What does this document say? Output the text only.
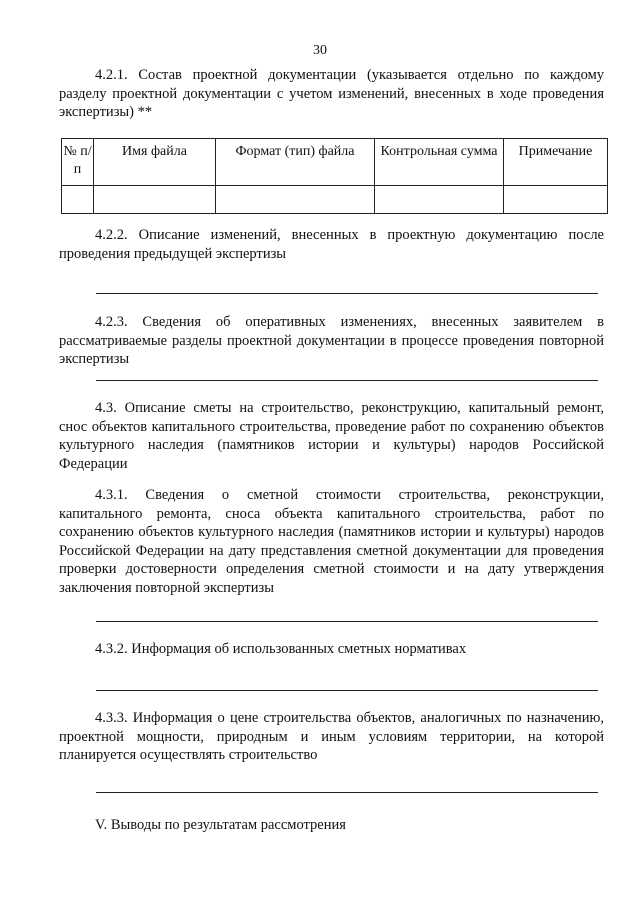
30
4.2.1. Состав проектной документации (указывается отдельно по каждому разделу проектной документации с учетом изменений, внесенных в ходе проведения экспертизы) **
№ п/п	Имя файла	Формат (тип) файла	Контрольная сумма	Примечание

4.2.2. Описание изменений, внесенных в проектную документацию после проведения предыдущей экспертизы
4.2.3. Сведения об оперативных изменениях, внесенных заявителем в рассматриваемые разделы проектной документации в процессе проведения повторной экспертизы
4.3. Описание сметы на строительство, реконструкцию, капитальный ремонт, снос объектов капитального строительства, проведение работ по сохранению объектов культурного наследия (памятников истории и культуры) народов Российской Федерации
4.3.1. Сведения о сметной стоимости строительства, реконструкции, капитального ремонта, сноса объекта капитального строительства, работ по сохранению объектов культурного наследия (памятников истории и культуры) народов Российской Федерации на дату представления сметной документации для проведения проверки достоверности определения сметной стоимости и на дату утверждения заключения повторной экспертизы
4.3.2. Информация об использованных сметных нормативах
4.3.3. Информация о цене строительства объектов, аналогичных по назначению, проектной мощности, природным и иным условиям территории, на которой планируется осуществлять строительство
V. Выводы по результатам рассмотрения
